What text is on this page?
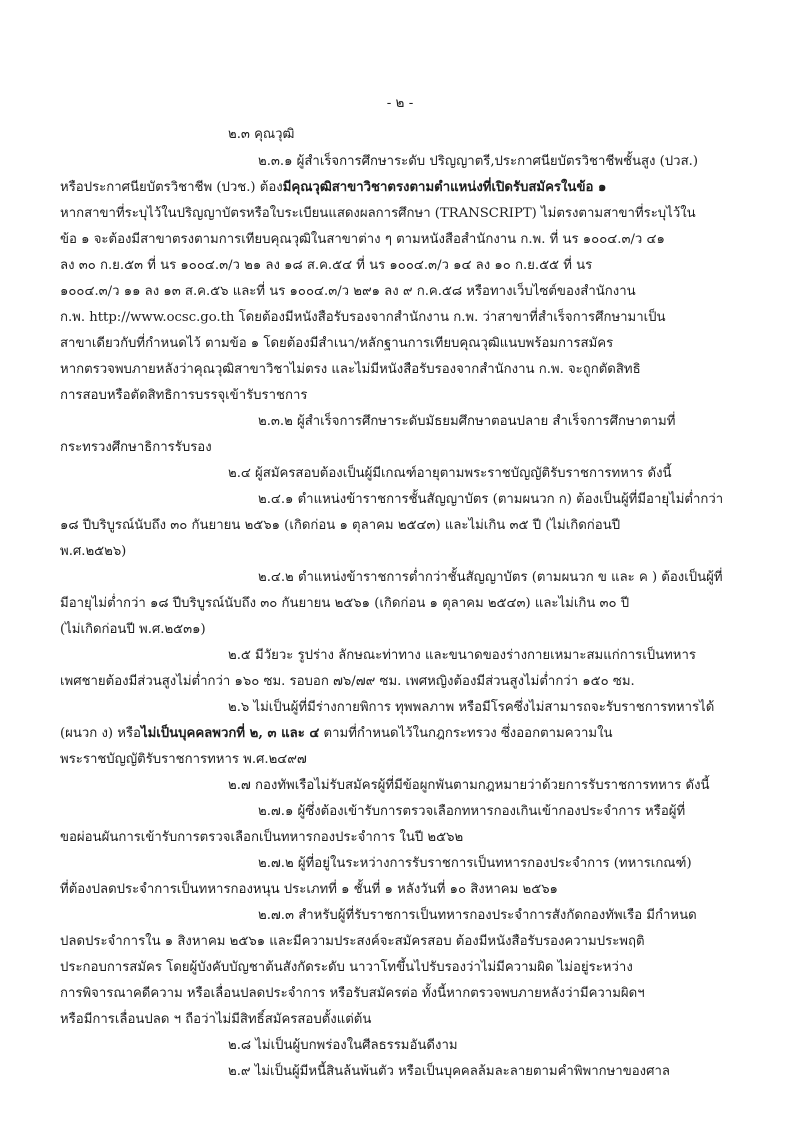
- ๒ -
๒.๓ คุณวุฒิ
๒.๓.๑ ผู้สำเร็จการศึกษาระดับ ปริญญาตรี,ประกาศนียบัตรวิชาชีพชั้นสูง (ปวส.)
หรือประกาศนียบัตรวิชาชีพ (ปวช.) ต้องมีคุณวุฒิสาขาวิชาตรงตามตำแหน่งที่เปิดรับสมัครในข้อ ๑
หากสาขาที่ระบุไว้ในปริญญาบัตรหรือใบระเบียนแสดงผลการศึกษา (TRANSCRIPT) ไม่ตรงตามสาขาที่ระบุไว้ใน
ข้อ ๑ จะต้องมีสาขาตรงตามการเทียบคุณวุฒิในสาขาต่าง ๆ ตามหนังสือสำนักงาน ก.พ. ที่ นร ๑๐๐๔.๓/ว ๔๑
ลง ๓๐ ก.ย.๕๓ ที่ นร ๑๐๐๔.๓/ว ๒๑ ลง ๑๘ ส.ค.๕๔ ที่ นร ๑๐๐๔.๓/ว ๑๔ ลง ๑๐ ก.ย.๕๕ ที่ นร
๑๐๐๔.๓/ว ๑๑ ลง ๑๓ ส.ค.๕๖ และที่ นร ๑๐๐๔.๓/ว ๒๙๑ ลง ๙ ก.ค.๕๘ หรือทางเว็บไซต์ของสำนักงาน
ก.พ. http://www.ocsc.go.th โดยต้องมีหนังสือรับรองจากสำนักงาน ก.พ. ว่าสาขาที่สำเร็จการศึกษามาเป็น
สาขาเดียวกับที่กำหนดไว้ ตามข้อ ๑ โดยต้องมีสำเนา/หลักฐานการเทียบคุณวุฒิแนบพร้อมการสมัคร
หากตรวจพบภายหลังว่าคุณวุฒิสาขาวิชาไม่ตรง และไม่มีหนังสือรับรองจากสำนักงาน ก.พ. จะถูกตัดสิทธิ
การสอบหรือตัดสิทธิการบรรจุเข้ารับราชการ
๒.๓.๒ ผู้สำเร็จการศึกษาระดับมัธยมศึกษาตอนปลาย สำเร็จการศึกษาตามที่
กระทรวงศึกษาธิการรับรอง
๒.๔ ผู้สมัครสอบต้องเป็นผู้มีเกณฑ์อายุตามพระราชบัญญัติรับราชการทหาร ดังนี้
๒.๔.๑ ตำแหน่งข้าราชการชั้นสัญญาบัตร (ตามผนวก ก) ต้องเป็นผู้ที่มีอายุไม่ต่ำกว่า
๑๘ ปีบริบูรณ์นับถึง ๓๐ กันยายน ๒๕๖๑ (เกิดก่อน ๑ ตุลาคม ๒๕๔๓) และไม่เกิน ๓๕ ปี (ไม่เกิดก่อนปี
พ.ศ.๒๕๒๖)
๒.๔.๒ ตำแหน่งข้าราชการต่ำกว่าชั้นสัญญาบัตร (ตามผนวก ข และ ค ) ต้องเป็นผู้ที่
มีอายุไม่ต่ำกว่า ๑๘ ปีบริบูรณ์นับถึง ๓๐ กันยายน ๒๕๖๑ (เกิดก่อน ๑ ตุลาคม ๒๕๔๓) และไม่เกิน ๓๐ ปี
(ไม่เกิดก่อนปี พ.ศ.๒๕๓๑)
๒.๕ มีวัยวะ รูปร่าง ลักษณะท่าทาง และขนาดของร่างกายเหมาะสมแก่การเป็นทหาร
เพศชายต้องมีส่วนสูงไม่ต่ำกว่า ๑๖๐ ซม. รอบอก ๗๖/๗๙ ซม. เพศหญิงต้องมีส่วนสูงไม่ต่ำกว่า ๑๕๐ ซม.
๒.๖ ไม่เป็นผู้ที่มีร่างกายพิการ ทุพพลภาพ หรือมีโรคซึ่งไม่สามารถจะรับราชการทหารได้
(ผนวก ง) หรือไม่เป็นบุคคลพวกที่ ๒, ๓ และ ๔ ตามที่กำหนดไว้ในกฎกระทรวง ซึ่งออกตามความใน
พระราชบัญญัติรับราชการทหาร พ.ศ.๒๔๙๗
๒.๗ กองทัพเรือไม่รับสมัครผู้ที่มีข้อผูกพันตามกฎหมายว่าด้วยการรับราชการทหาร ดังนี้
๒.๗.๑ ผู้ซึ่งต้องเข้ารับการตรวจเลือกทหารกองเกินเข้ากองประจำการ หรือผู้ที่
ขอผ่อนผันการเข้ารับการตรวจเลือกเป็นทหารกองประจำการ ในปี ๒๕๖๒
๒.๗.๒ ผู้ที่อยู่ในระหว่างการรับราชการเป็นทหารกองประจำการ (ทหารเกณฑ์)
ที่ต้องปลดประจำการเป็นทหารกองหนุน ประเภทที่ ๑ ชั้นที่ ๑ หลังวันที่ ๑๐ สิงหาคม ๒๕๖๑
๒.๗.๓ สำหรับผู้ที่รับราชการเป็นทหารกองประจำการสังกัดกองทัพเรือ มีกำหนด
ปลดประจำการใน ๑ สิงหาคม ๒๕๖๑ และมีความประสงค์จะสมัครสอบ ต้องมีหนังสือรับรองความประพฤติ
ประกอบการสมัคร โดยผู้บังคับบัญชาต้นสังกัดระดับ นาวาโทขึ้นไปรับรองว่าไม่มีความผิด ไม่อยู่ระหว่าง
การพิจารณาคดีความ หรือเลื่อนปลดประจำการ หรือรับสมัครต่อ ทั้งนี้หากตรวจพบภายหลังว่ามีความผิดฯ
หรือมีการเลื่อนปลด ฯ ถือว่าไม่มีสิทธิ์สมัครสอบตั้งแต่ต้น
๒.๘ ไม่เป็นผู้บกพร่องในศีลธรรมอันดีงาม
๒.๙ ไม่เป็นผู้มีหนี้สินล้นพ้นตัว หรือเป็นบุคคลล้มละลายตามคำพิพากษาของศาล
